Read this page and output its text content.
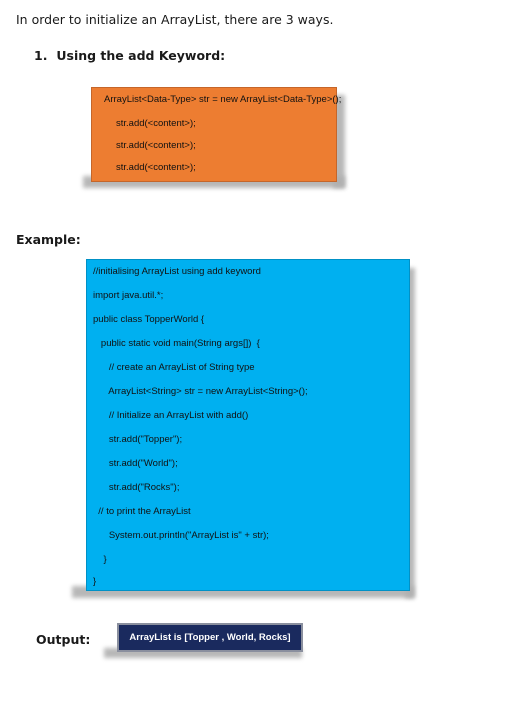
In order to initialize an ArrayList, there are 3 ways.
1. Using the add Keyword:
ArrayList<Data-Type> str = new ArrayList<Data-Type>();
str.add(<content>);
str.add(<content>);
str.add(<content>);
Example:
//initialising ArrayList using add keyword
import java.util.*;
public class TopperWorld {
public static void main(String args[])  {
// create an ArrayList of String type
ArrayList<String> str = new ArrayList<String>();
// Initialize an ArrayList with add()
str.add("Topper");
str.add("World");
str.add("Rocks");
// to print the ArrayList
System.out.println("ArrayList is" + str);
}
}
Output:	ArrayList is [Topper , World, Rocks]
